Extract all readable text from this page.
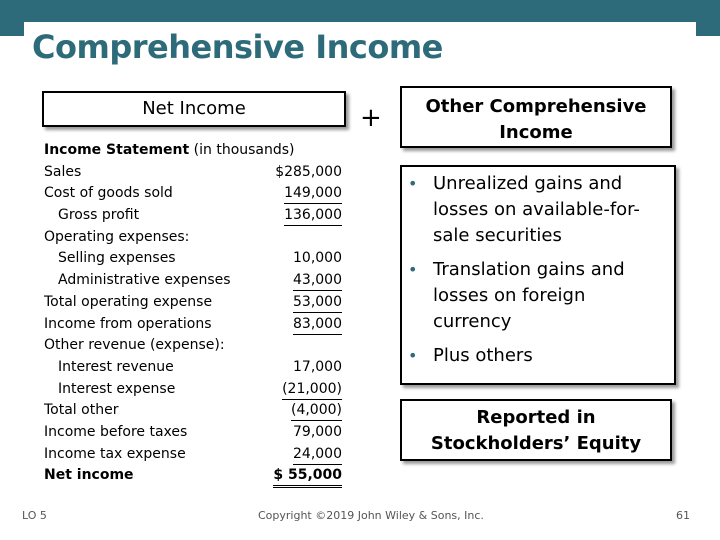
Comprehensive Income
Net Income	+	Other Comprehensive
Income
Income Statement (in thousands)
Sales	$285,000
Cost of goods sold	149,000
Gross profit	136,000
Operating expenses:
Selling expenses	10,000
Administrative expenses	43,000
Total operating expense	53,000
Income from operations	83,000
Other revenue (expense):
Interest revenue	17,000
Interest expense	(21,000)
Total other	(4,000)
Income before taxes	79,000
Income tax expense	24,000
Net income	$ 55,000
• Unrealized gains and
losses on available-for-
sale securities
• Translation gains and
losses on foreign
currency
• Plus others
Reported in
Stockholders’ Equity
LO 5	Copyright ©2019 John Wiley & Sons, Inc.	61
